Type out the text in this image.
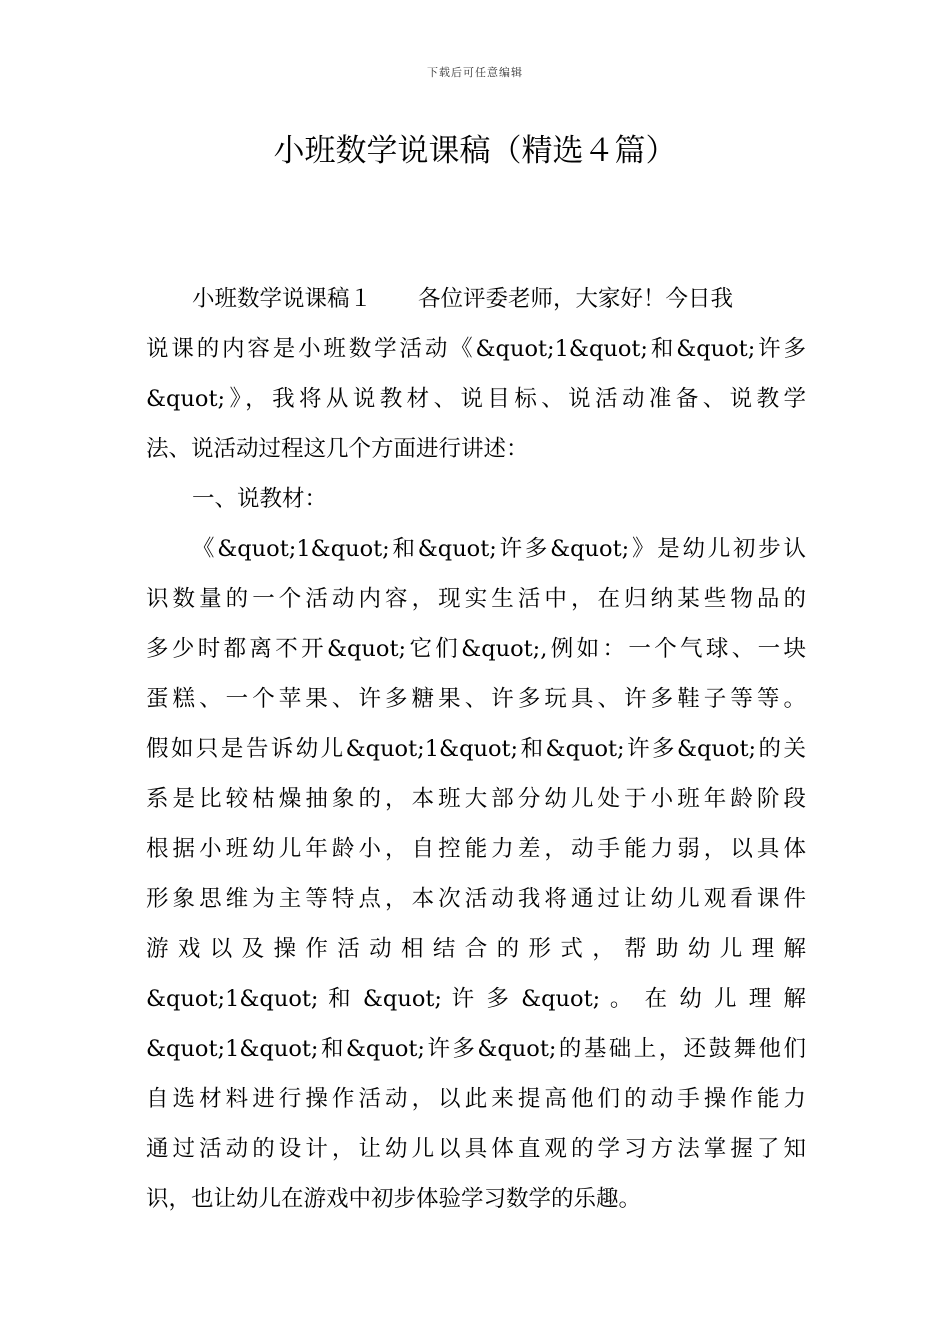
下载后可任意编辑
小班数学说课稿（精选４篇）
小班数学说课稿１ 各位评委老师，大家好！今日我
说课的内容是小班数学活动《&quot;1&quot;和&quot;许多
&quot;》，我将从说教材、说目标、说活动准备、说教学
法、说活动过程这几个方面进行讲述：
一、说教材：
《&quot;1&quot;和&quot;许多&quot;》是幼儿初步认
识数量的一个活动内容，现实生活中，在归纳某些物品的
多少时都离不开&quot;它们&quot;,例如：一个气球、一块
蛋糕、一个苹果、许多糖果、许多玩具、许多鞋子等等。
假如只是告诉幼儿&quot;1&quot;和&quot;许多&quot;的关
系是比较枯燥抽象的，本班大部分幼儿处于小班年龄阶段
根据小班幼儿年龄小，自控能力差，动手能力弱，以具体
形象思维为主等特点，本次活动我将通过让幼儿观看课件
游戏以及操作活动相结合的形式，帮助幼儿理解
&quot;1&quot; 和 &quot; 许 多 &quot; 。 在 幼 儿 理 解
&quot;1&quot;和&quot;许多&quot;的基础上，还鼓舞他们
自选材料进行操作活动，以此来提高他们的动手操作能力
通过活动的设计，让幼儿以具体直观的学习方法掌握了知
识，也让幼儿在游戏中初步体验学习数学的乐趣。
